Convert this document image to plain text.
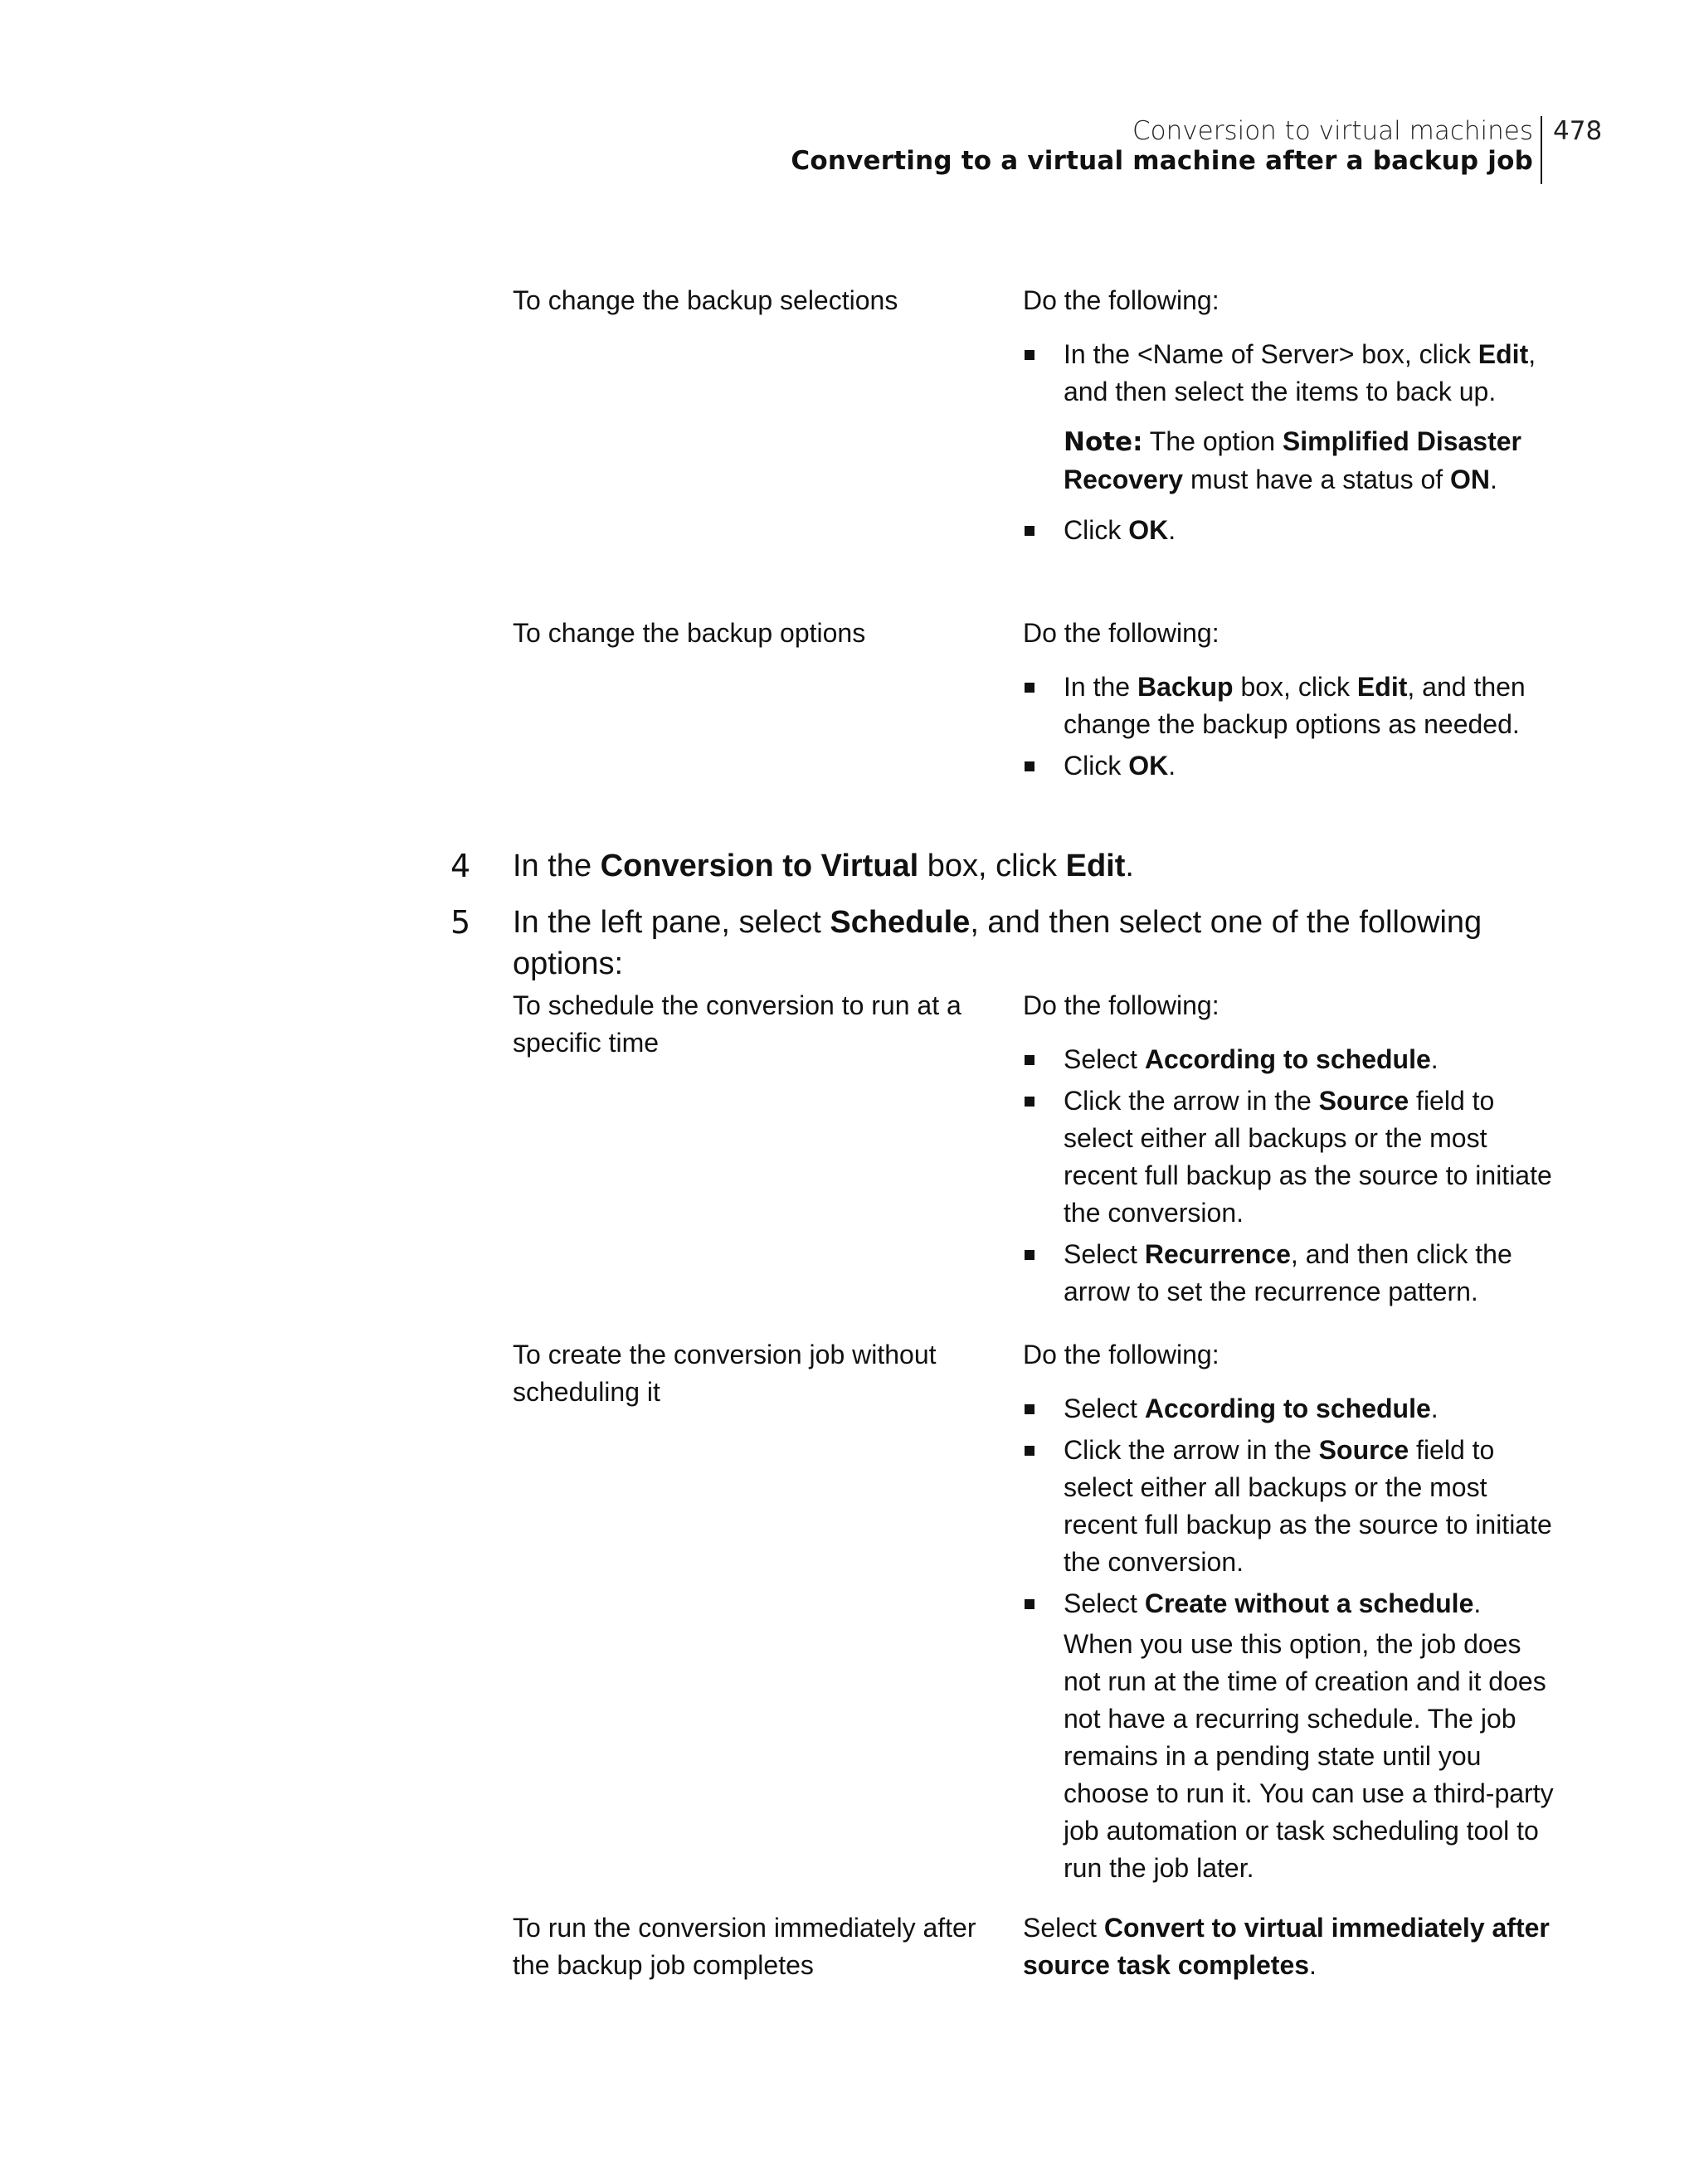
Conversion to virtual machines
Converting to a virtual machine after a backup job
478
To change the backup selections	Do the following:

In the <Name of Server> box, click Edit, and then select the items to back up.

Note: The option Simplified Disaster Recovery must have a status of ON.

Click OK.
To change the backup options	Do the following:

In the Backup box, click Edit, and then change the backup options as needed.
Click OK.
4 In the Conversion to Virtual box, click Edit.
5 In the left pane, select Schedule, and then select one of the following options:
To schedule the conversion to run at a specific time

Do the following:

Select According to schedule.
Click the arrow in the Source field to select either all backups or the most recent full backup as the source to initiate the conversion.
Select Recurrence, and then click the arrow to set the recurrence pattern.
To create the conversion job without scheduling it

Do the following:

Select According to schedule.
Click the arrow in the Source field to select either all backups or the most recent full backup as the source to initiate the conversion.
Select Create without a schedule.

When you use this option, the job does not run at the time of creation and it does not have a recurring schedule. The job remains in a pending state until you choose to run it. You can use a third-party job automation or task scheduling tool to run the job later.

To run the conversion immediately after the backup job completes

Select Convert to virtual immediately after source task completes.
